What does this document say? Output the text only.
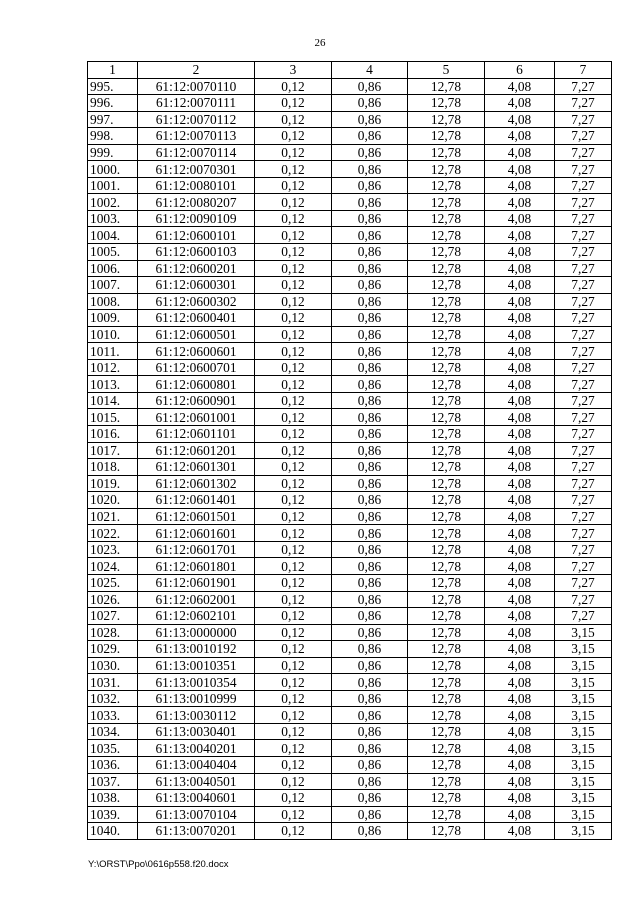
26
1	2	3	4	5	6	7
995.	61:12:0070110	0,12	0,86	12,78	4,08	7,27
996.	61:12:0070111	0,12	0,86	12,78	4,08	7,27
997.	61:12:0070112	0,12	0,86	12,78	4,08	7,27
998.	61:12:0070113	0,12	0,86	12,78	4,08	7,27
999.	61:12:0070114	0,12	0,86	12,78	4,08	7,27
1000.	61:12:0070301	0,12	0,86	12,78	4,08	7,27
1001.	61:12:0080101	0,12	0,86	12,78	4,08	7,27
1002.	61:12:0080207	0,12	0,86	12,78	4,08	7,27
1003.	61:12:0090109	0,12	0,86	12,78	4,08	7,27
1004.	61:12:0600101	0,12	0,86	12,78	4,08	7,27
1005.	61:12:0600103	0,12	0,86	12,78	4,08	7,27
1006.	61:12:0600201	0,12	0,86	12,78	4,08	7,27
1007.	61:12:0600301	0,12	0,86	12,78	4,08	7,27
1008.	61:12:0600302	0,12	0,86	12,78	4,08	7,27
1009.	61:12:0600401	0,12	0,86	12,78	4,08	7,27
1010.	61:12:0600501	0,12	0,86	12,78	4,08	7,27
1011.	61:12:0600601	0,12	0,86	12,78	4,08	7,27
1012.	61:12:0600701	0,12	0,86	12,78	4,08	7,27
1013.	61:12:0600801	0,12	0,86	12,78	4,08	7,27
1014.	61:12:0600901	0,12	0,86	12,78	4,08	7,27
1015.	61:12:0601001	0,12	0,86	12,78	4,08	7,27
1016.	61:12:0601101	0,12	0,86	12,78	4,08	7,27
1017.	61:12:0601201	0,12	0,86	12,78	4,08	7,27
1018.	61:12:0601301	0,12	0,86	12,78	4,08	7,27
1019.	61:12:0601302	0,12	0,86	12,78	4,08	7,27
1020.	61:12:0601401	0,12	0,86	12,78	4,08	7,27
1021.	61:12:0601501	0,12	0,86	12,78	4,08	7,27
1022.	61:12:0601601	0,12	0,86	12,78	4,08	7,27
1023.	61:12:0601701	0,12	0,86	12,78	4,08	7,27
1024.	61:12:0601801	0,12	0,86	12,78	4,08	7,27
1025.	61:12:0601901	0,12	0,86	12,78	4,08	7,27
1026.	61:12:0602001	0,12	0,86	12,78	4,08	7,27
1027.	61:12:0602101	0,12	0,86	12,78	4,08	7,27
1028.	61:13:0000000	0,12	0,86	12,78	4,08	3,15
1029.	61:13:0010192	0,12	0,86	12,78	4,08	3,15
1030.	61:13:0010351	0,12	0,86	12,78	4,08	3,15
1031.	61:13:0010354	0,12	0,86	12,78	4,08	3,15
1032.	61:13:0010999	0,12	0,86	12,78	4,08	3,15
1033.	61:13:0030112	0,12	0,86	12,78	4,08	3,15
1034.	61:13:0030401	0,12	0,86	12,78	4,08	3,15
1035.	61:13:0040201	0,12	0,86	12,78	4,08	3,15
1036.	61:13:0040404	0,12	0,86	12,78	4,08	3,15
1037.	61:13:0040501	0,12	0,86	12,78	4,08	3,15
1038.	61:13:0040601	0,12	0,86	12,78	4,08	3,15
1039.	61:13:0070104	0,12	0,86	12,78	4,08	3,15
1040.	61:13:0070201	0,12	0,86	12,78	4,08	3,15
Y:\ORST\Ppo\0616p558.f20.docx
